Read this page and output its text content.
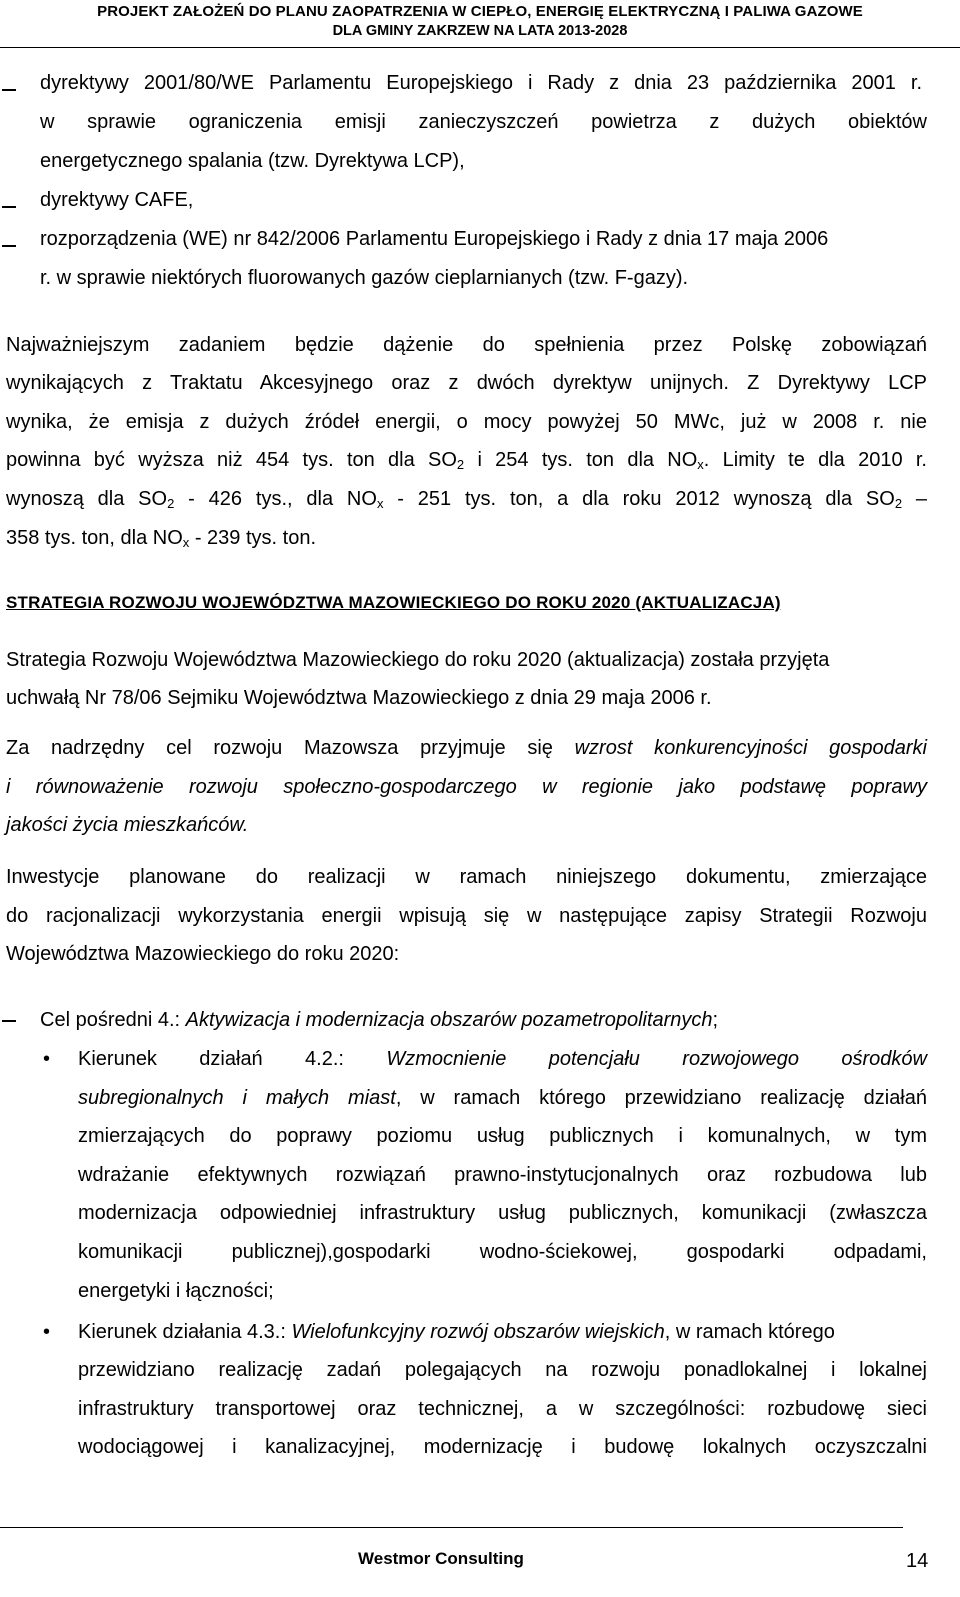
PROJEKT ZAŁOŻEŃ DO PLANU ZAOPATRZENIA W CIEPŁO, ENERGIĘ ELEKTRYCZNĄ I PALIWA GAZOWE
DLA GMINY ZAKRZEW NA LATA 2013-2028
dyrektywy 2001/80/WE Parlamentu Europejskiego i Rady z dnia 23 października 2001 r.
w sprawie ograniczenia emisji zanieczyszczeń powietrza z dużych obiektów
energetycznego spalania (tzw. Dyrektywa LCP),
dyrektywy CAFE,
rozporządzenia (WE) nr 842/2006 Parlamentu Europejskiego i Rady z dnia 17 maja 2006
r. w sprawie niektórych fluorowanych gazów cieplarnianych (tzw. F-gazy).
Najważniejszym zadaniem będzie dążenie do spełnienia przez Polskę zobowiązań
wynikających z Traktatu Akcesyjnego oraz z dwóch dyrektyw unijnych. Z Dyrektywy LCP
wynika, że emisja z dużych źródeł energii, o mocy powyżej 50 MWc, już w 2008 r. nie
powinna być wyższa niż 454 tys. ton dla $SO_2$ i 254 tys. ton dla $NO_x$. Limity te dla 2010 r.
wynoszą dla $SO_2 - 426$ tys., dla $NO_x - 251$ tys. ton, a dla roku 2012 wynoszą dla $SO_2$ –
358 tys. ton, dla $NO_x - 239$ tys. ton.
STRATEGIA ROZWOJU WOJEWÓDZTWA MAZOWIECKIEGO DO ROKU 2020 (AKTUALIZACJA)
Strategia Rozwoju Województwa Mazowieckiego do roku 2020 (aktualizacja) została przyjęta
uchwałą Nr 78/06 Sejmiku Województwa Mazowieckiego z dnia 29 maja 2006 r.
Za nadrzędny cel rozwoju Mazowsza przyjmuje się wzrost konkurencyjności gospodarki
i równoważenie rozwoju społeczno-gospodarczego w regionie jako podstawę poprawy
jakości życia mieszkańców.
Inwestycje planowane do realizacji w ramach niniejszego dokumentu, zmierzające
do racjonalizacji wykorzystania energii wpisują się w następujące zapisy Strategii Rozwoju
Województwa Mazowieckiego do roku 2020:
Cel pośredni 4.: Aktywizacja i modernizacja obszarów pozametropolitarnych;
• Kierunek działań 4.2.: Wzmocnienie potencjału rozwojowego ośrodków
subregionalnych i małych miast, w ramach którego przewidziano realizację działań
zmierzających do poprawy poziomu usług publicznych i komunalnych, w tym
wdrażanie efektywnych rozwiązań prawno-instytucjonalnych oraz rozbudowa lub
modernizacja odpowiedniej infrastruktury usług publicznych, komunikacji (zwłaszcza
komunikacji publicznej),gospodarki wodno-ściekowej, gospodarki odpadami,
energetyki i łączności;
• Kierunek działania 4.3.: Wielofunkcyjny rozwój obszarów wiejskich, w ramach którego
przewidziano realizację zadań polegających na rozwoju ponadlokalnej i lokalnej
infrastruktury transportowej oraz technicznej, a w szczególności: rozbudowę sieci
wodociągowej i kanalizacyjnej, modernizację i budowę lokalnych oczyszczalni
Westmor Consulting	14
